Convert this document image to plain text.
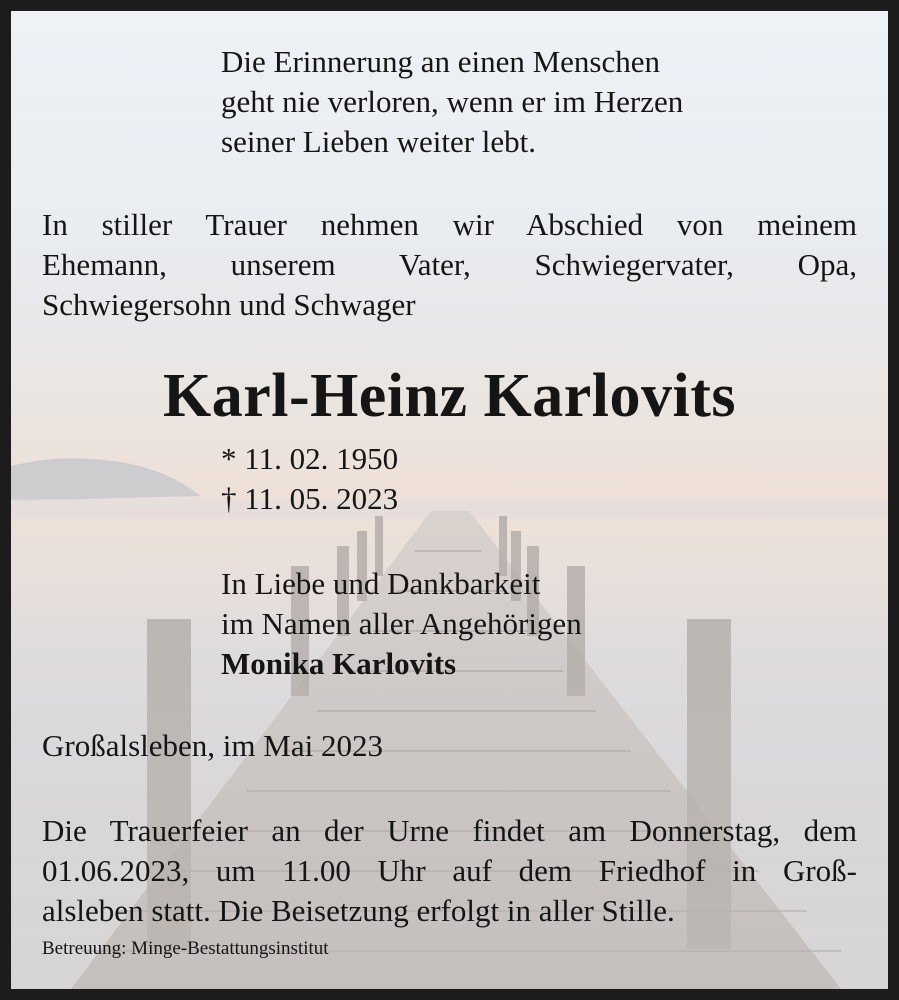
Die Erinnerung an einen Menschen
geht nie verloren, wenn er im Herzen
seiner Lieben weiter lebt.
In stiller Trauer nehmen wir Abschied von meinem
Ehemann, unserem Vater, Schwiegervater, Opa,
Schwiegersohn und Schwager
Karl-Heinz Karlovits
* 11. 02. 1950
† 11. 05. 2023
In Liebe und Dankbarkeit
im Namen aller Angehörigen
Monika Karlovits
Großalsleben, im Mai 2023
Die Trauerfeier an der Urne findet am Donnerstag, dem
01.06.2023, um 11.00 Uhr auf dem Friedhof in Groß-
alsleben statt. Die Beisetzung erfolgt in aller Stille.
Betreuung: Minge-Bestattungsinstitut
